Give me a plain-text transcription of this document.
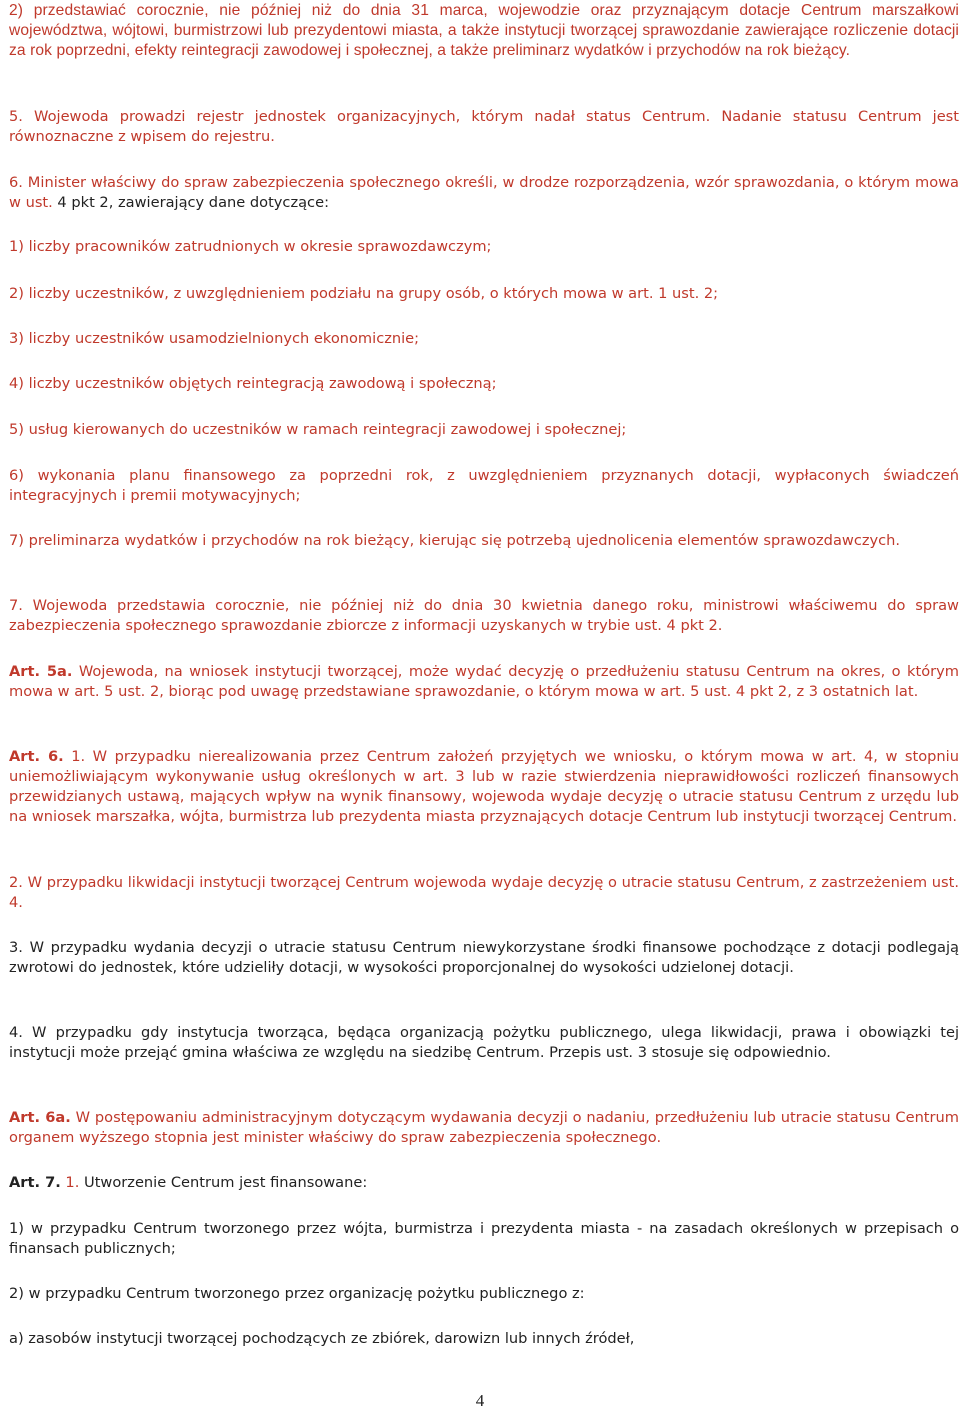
2) przedstawiać corocznie, nie później niż do dnia 31 marca, wojewodzie oraz przyznającym dotacje Centrum marszałkowi województwa, wójtowi, burmistrzowi lub prezydentowi miasta, a także instytucji tworzącej sprawozdanie zawierające rozliczenie dotacji za rok poprzedni, efekty reintegracji zawodowej i społecznej, a także preliminarz wydatków i przychodów na rok bieżący.

5. Wojewoda prowadzi rejestr jednostek organizacyjnych, którym nadał status Centrum. Nadanie statusu Centrum jest równoznaczne z wpisem do rejestru.

6. Minister właściwy do spraw zabezpieczenia społecznego określi, w drodze rozporządzenia, wzór sprawozdania, o którym mowa w ust. 4 pkt 2, zawierający dane dotyczące:

1) liczby pracowników zatrudnionych w okresie sprawozdawczym;

2) liczby uczestników, z uwzględnieniem podziału na grupy osób, o których mowa w art. 1 ust. 2;

3) liczby uczestników usamodzielnionych ekonomicznie;

4) liczby uczestników objętych reintegracją zawodową i społeczną;

5) usług kierowanych do uczestników w ramach reintegracji zawodowej i społecznej;

6) wykonania planu finansowego za poprzedni rok, z uwzględnieniem przyznanych dotacji, wypłaconych świadczeń integracyjnych i premii motywacyjnych;

7) preliminarza wydatków i przychodów na rok bieżący, kierując się potrzebą ujednolicenia elementów sprawozdawczych.

7. Wojewoda przedstawia corocznie, nie później niż do dnia 30 kwietnia danego roku, ministrowi właściwemu do spraw zabezpieczenia społecznego sprawozdanie zbiorcze z informacji uzyskanych w trybie ust. 4 pkt 2.

Art. 5a. Wojewoda, na wniosek instytucji tworzącej, może wydać decyzję o przedłużeniu statusu Centrum na okres, o którym mowa w art. 5 ust. 2, biorąc pod uwagę przedstawiane sprawozdanie, o którym mowa w art. 5 ust. 4 pkt 2, z 3 ostatnich lat.

Art. 6. 1. W przypadku nierealizowania przez Centrum założeń przyjętych we wniosku, o którym mowa w art. 4, w stopniu uniemożliwiającym wykonywanie usług określonych w art. 3 lub w razie stwierdzenia nieprawidłowości rozliczeń finansowych przewidzianych ustawą, mających wpływ na wynik finansowy, wojewoda wydaje decyzję o utracie statusu Centrum z urzędu lub na wniosek marszałka, wójta, burmistrza lub prezydenta miasta przyznających dotacje Centrum lub instytucji tworzącej Centrum.

2. W przypadku likwidacji instytucji tworzącej Centrum wojewoda wydaje decyzję o utracie statusu Centrum, z zastrzeżeniem ust. 4.

3. W przypadku wydania decyzji o utracie statusu Centrum niewykorzystane środki finansowe pochodzące z dotacji podlegają zwrotowi do jednostek, które udzieliły dotacji, w wysokości proporcjonalnej do wysokości udzielonej dotacji.

4. W przypadku gdy instytucja tworząca, będąca organizacją pożytku publicznego, ulega likwidacji, prawa i obowiązki tej instytucji może przejąć gmina właściwa ze względu na siedzibę Centrum. Przepis ust. 3 stosuje się odpowiednio.

Art. 6a. W postępowaniu administracyjnym dotyczącym wydawania decyzji o nadaniu, przedłużeniu lub utracie statusu Centrum organem wyższego stopnia jest minister właściwy do spraw zabezpieczenia społecznego.

Art. 7. 1. Utworzenie Centrum jest finansowane:

1) w przypadku Centrum tworzonego przez wójta, burmistrza i prezydenta miasta - na zasadach określonych w przepisach o finansach publicznych;

2) w przypadku Centrum tworzonego przez organizację pożytku publicznego z:

a) zasobów instytucji tworzącej pochodzących ze zbiórek, darowizn lub innych źródeł,

4
